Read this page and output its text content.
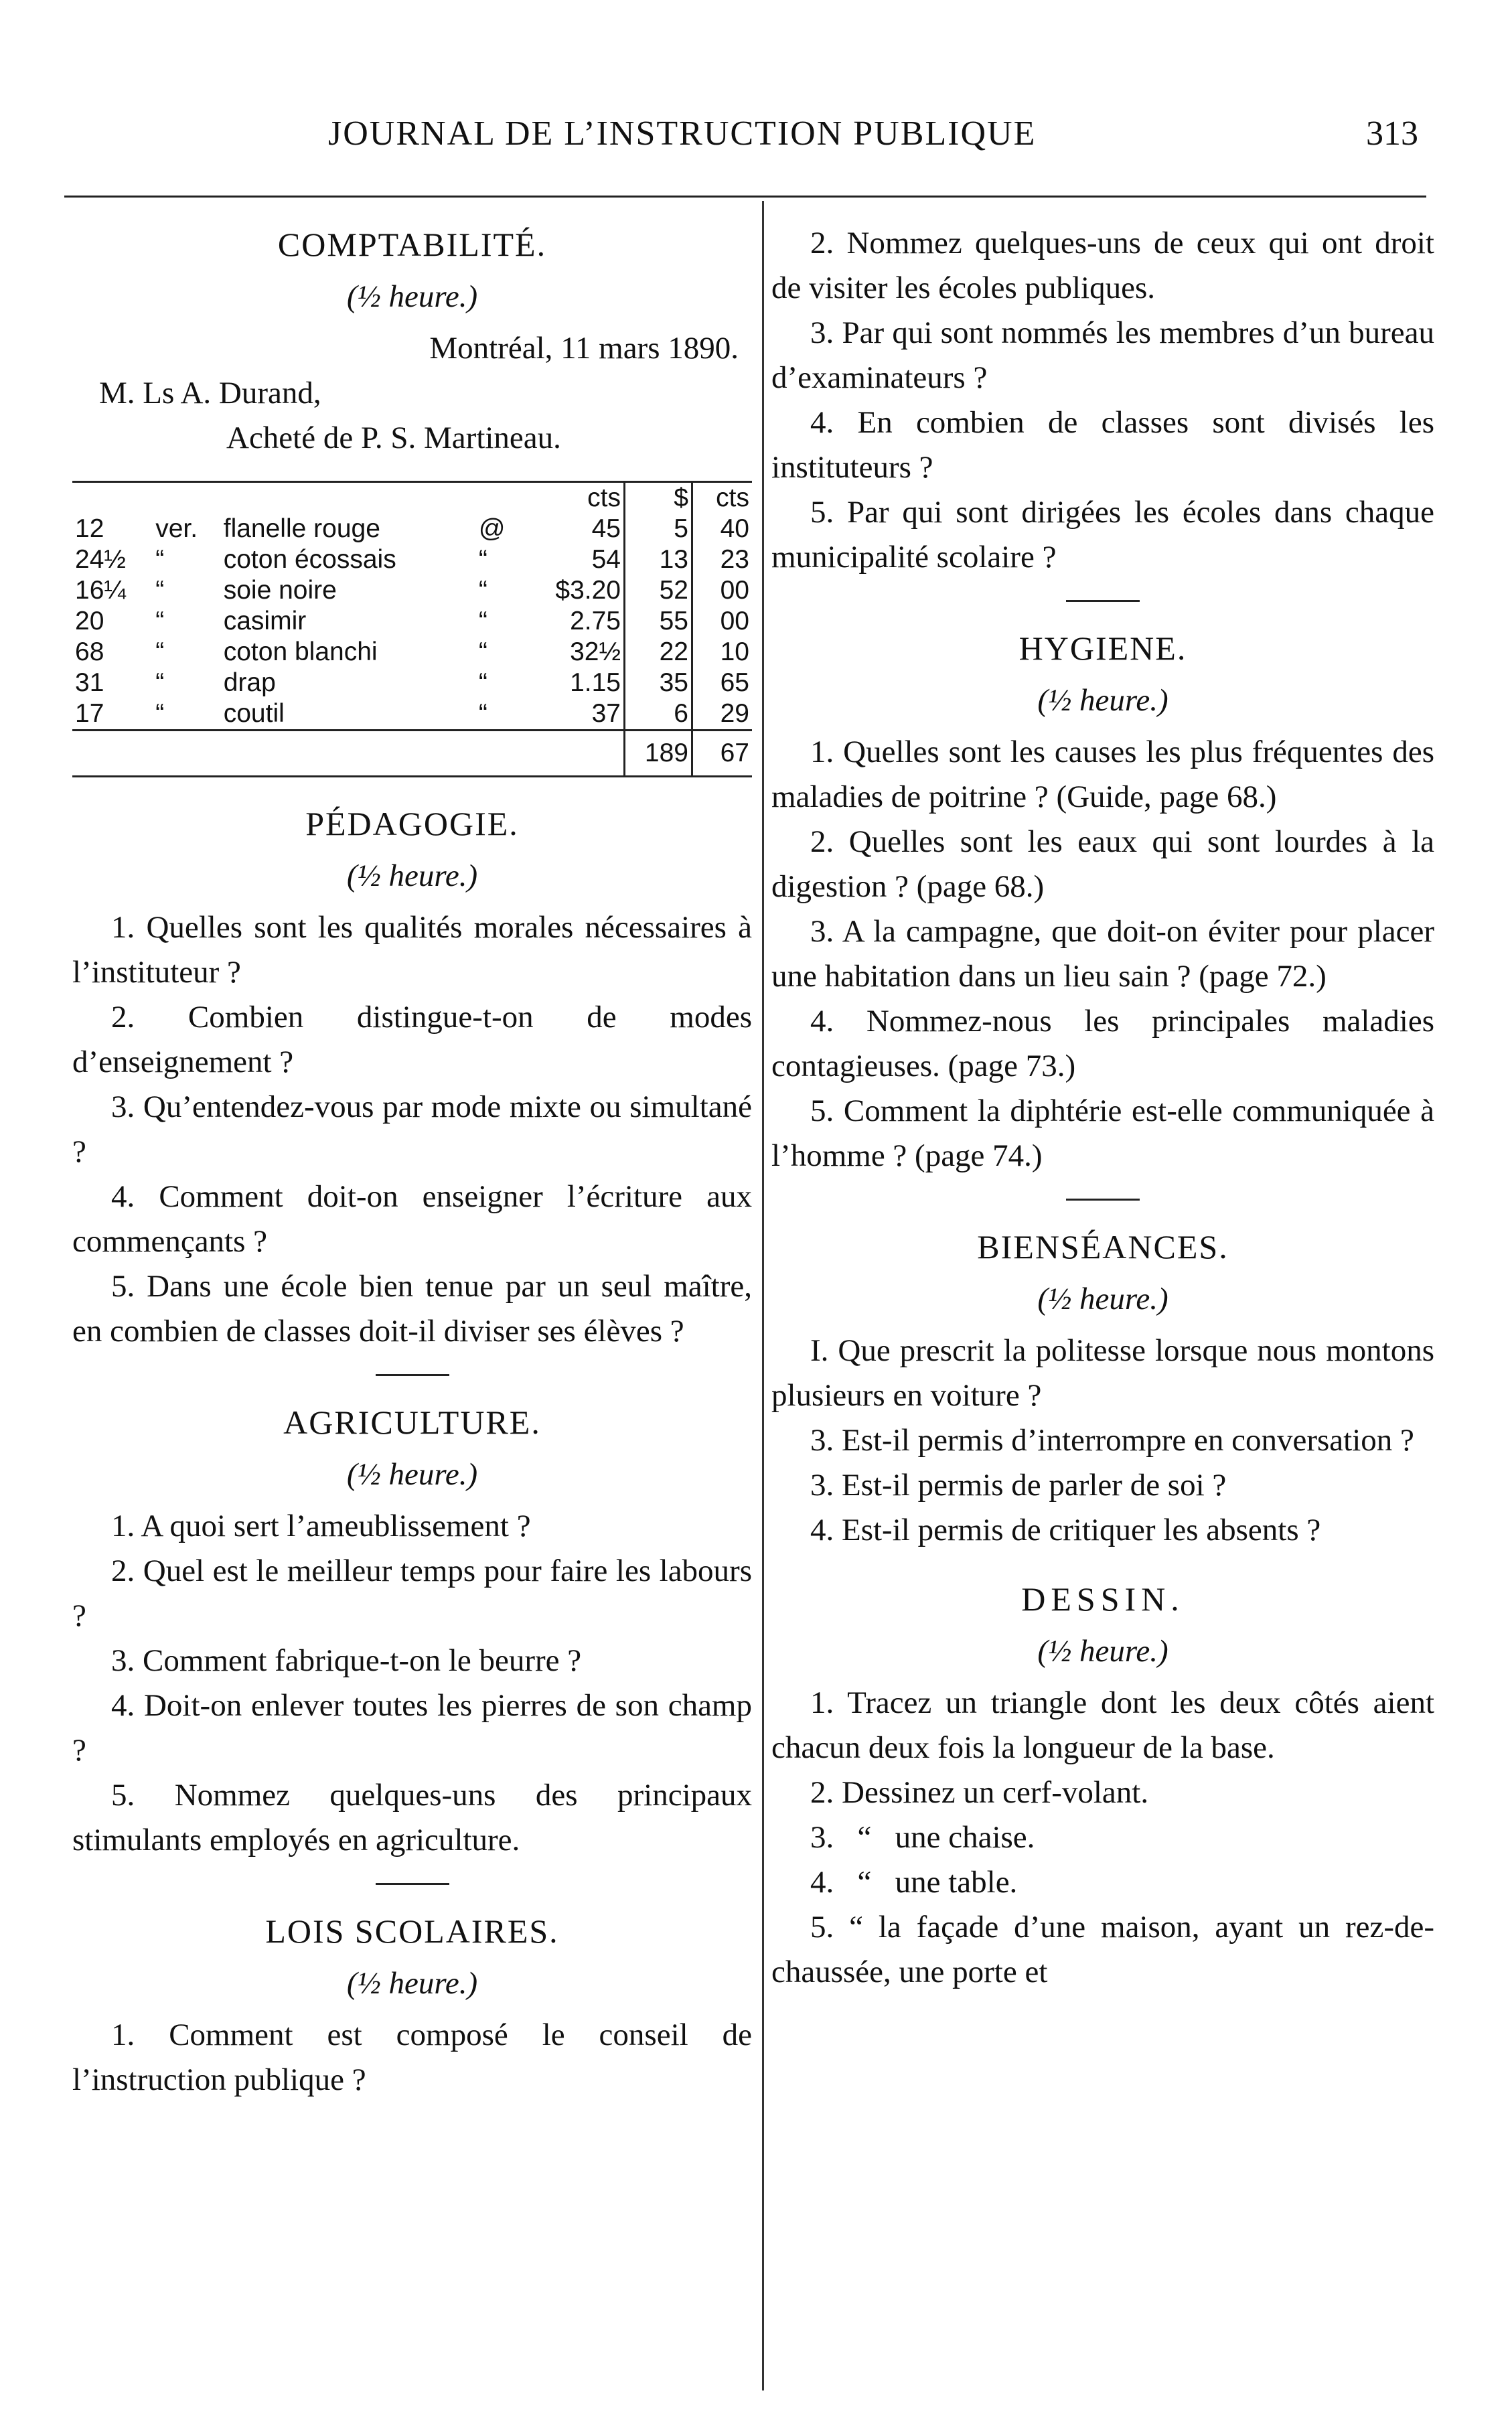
JOURNAL DE L’INSTRUCTION PUBLIQUE	313
COMPTABILITÉ.
(½ heure.)
Montréal, 11 mars 1890.
M. Ls A. Durand,
Acheté de P. S. Martineau.
				cts	$	cts
12	ver.	flanelle rouge	@	45	5	40
24½	“	coton écossais	“	54	13	23
16¼	“	soie noire	“	$3.20	52	00
20	“	casimir	“	2.75	55	00
68	“	coton blanchi	“	32½	22	10
31	“	drap	“	1.15	35	65
17	“	coutil	“	37	6	29
					189	67
PÉDAGOGIE.
(½ heure.)

1. Quelles sont les qualités morales nécessaires à l’instituteur ?

2. Combien distingue-t-on de modes d’enseignement ?

3. Qu’entendez-vous par mode mixte ou simultané ?

4. Comment doit-on enseigner l’écriture aux commençants ?

5. Dans une école bien tenue par un seul maître, en combien de classes doit-il diviser ses élèves ?

AGRICULTURE.
(½ heure.)

1. A quoi sert l’ameublissement ?

2. Quel est le meilleur temps pour faire les labours ?

3. Comment fabrique-t-on le beurre ?

4. Doit-on enlever toutes les pierres de son champ ?

5. Nommez quelques-uns des principaux stimulants employés en agriculture.

LOIS SCOLAIRES.
(½ heure.)

1. Comment est composé le conseil de l’instruction publique ?

2. Nommez quelques-uns de ceux qui ont droit de visiter les écoles publiques.

3. Par qui sont nommés les membres d’un bureau d’examinateurs ?

4. En combien de classes sont divisés les instituteurs ?

5. Par qui sont dirigées les écoles dans chaque municipalité scolaire ?

HYGIENE.
(½ heure.)

1. Quelles sont les causes les plus fréquentes des maladies de poitrine ? (Guide, page 68.)

2. Quelles sont les eaux qui sont lourdes à la digestion ? (page 68.)

3. A la campagne, que doit-on éviter pour placer une habitation dans un lieu sain ? (page 72.)

4. Nommez-nous les principales maladies contagieuses. (page 73.)

5. Comment la diphtérie est-elle communiquée à l’homme ? (page 74.)

BIENSÉANCES.
(½ heure.)

I. Que prescrit la politesse lorsque nous montons plusieurs en voiture ?

3. Est-il permis d’interrompre en conversation ?

3. Est-il permis de parler de soi ?

4. Est-il permis de critiquer les absents ?

DESSIN.
(½ heure.)

1. Tracez un triangle dont les deux côtés aient chacun deux fois la longueur de la base.

2. Dessinez un cerf-volant.

3.   “   une chaise.

4.   “   une table.

5. “ la façade d’une maison, ayant un rez-de-chaussée, une porte et
